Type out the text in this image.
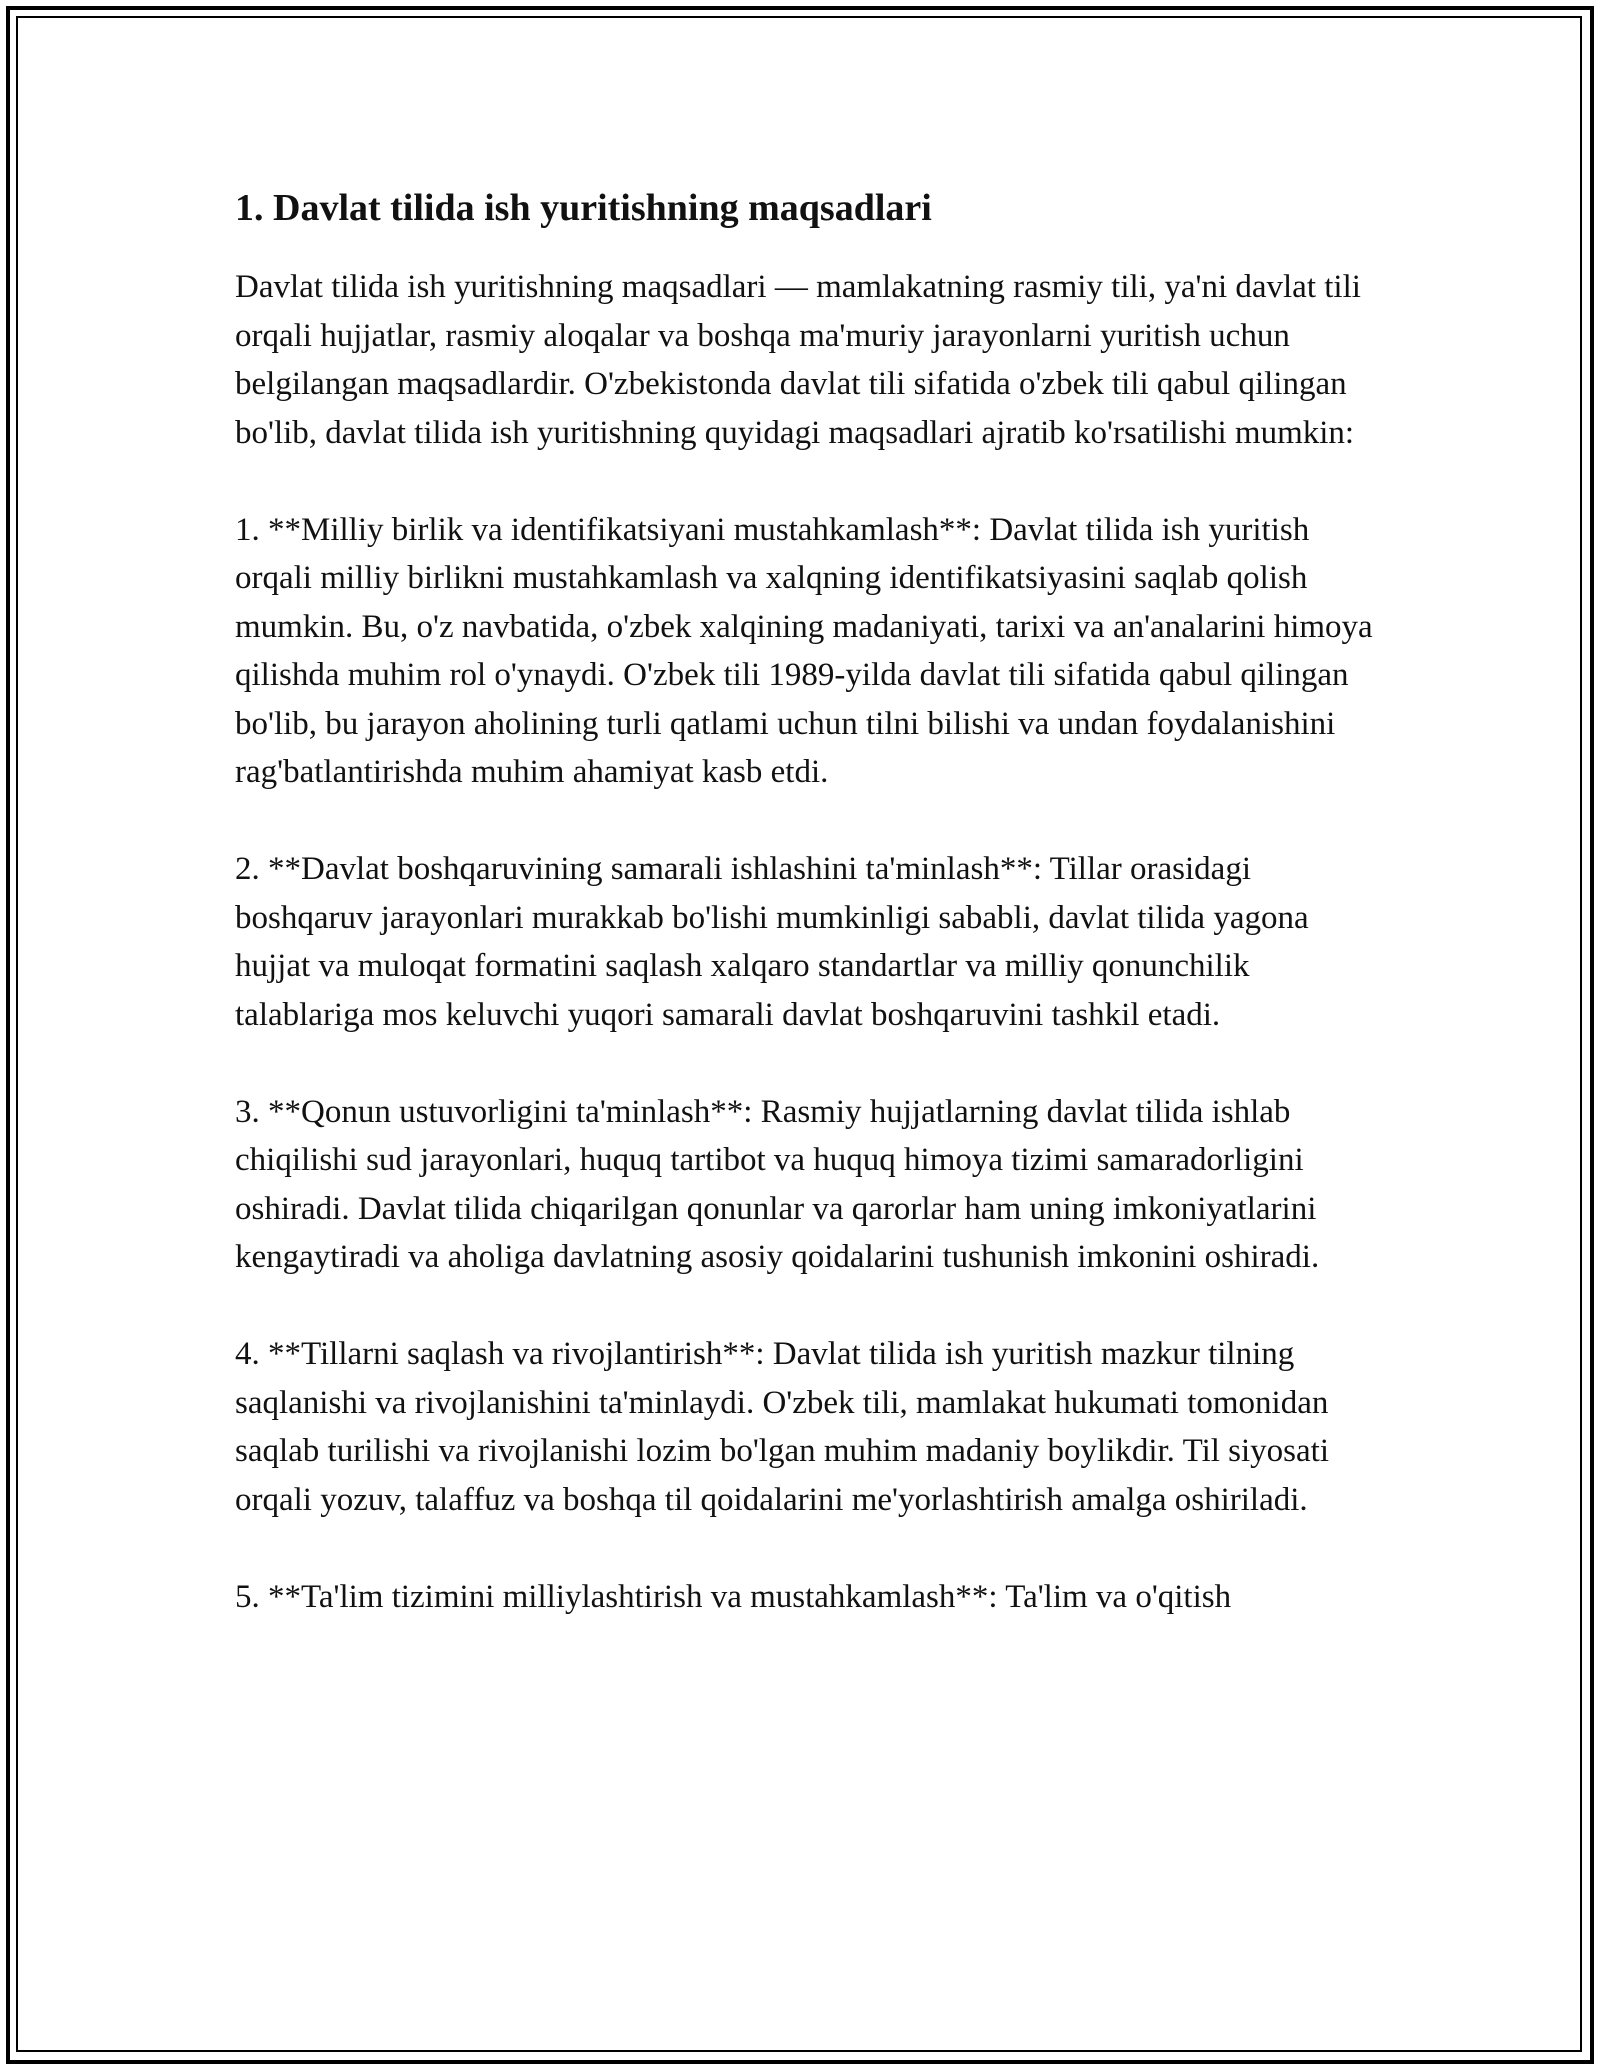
1. Davlat tilida ish yuritishning maqsadlari

Davlat tilida ish yuritishning maqsadlari — mamlakatning rasmiy tili, ya'ni davlat tili orqali hujjatlar, rasmiy aloqalar va boshqa ma'muriy jarayonlarni yuritish uchun belgilangan maqsadlardir. O'zbekistonda davlat tili sifatida o'zbek tili qabul qilingan bo'lib, davlat tilida ish yuritishning quyidagi maqsadlari ajratib ko'rsatilishi mumkin:

1. **Milliy birlik va identifikatsiyani mustahkamlash**: Davlat tilida ish yuritish orqali milliy birlikni mustahkamlash va xalqning identifikatsiyasini saqlab qolish mumkin. Bu, o'z navbatida, o'zbek xalqining madaniyati, tarixi va an'analarini himoya qilishda muhim rol o'ynaydi. O'zbek tili 1989-yilda davlat tili sifatida qabul qilingan bo'lib, bu jarayon aholining turli qatlami uchun tilni bilishi va undan foydalanishini rag'batlantirishda muhim ahamiyat kasb etdi.

2. **Davlat boshqaruvining samarali ishlashini ta'minlash**: Tillar orasidagi boshqaruv jarayonlari murakkab bo'lishi mumkinligi sababli, davlat tilida yagona hujjat va muloqat formatini saqlash xalqaro standartlar va milliy qonunchilik talablariga mos keluvchi yuqori samarali davlat boshqaruvini tashkil etadi.

3. **Qonun ustuvorligini ta'minlash**: Rasmiy hujjatlarning davlat tilida ishlab chiqilishi sud jarayonlari, huquq tartibot va huquq himoya tizimi samaradorligini oshiradi. Davlat tilida chiqarilgan qonunlar va qarorlar ham uning imkoniyatlarini kengaytiradi va aholiga davlatning asosiy qoidalarini tushunish imkonini oshiradi.

4. **Tillarni saqlash va rivojlantirish**: Davlat tilida ish yuritish mazkur tilning saqlanishi va rivojlanishini ta'minlaydi. O'zbek tili, mamlakat hukumati tomonidan saqlab turilishi va rivojlanishi lozim bo'lgan muhim madaniy boylikdir. Til siyosati orqali yozuv, talaffuz va boshqa til qoidalarini me'yorlashtirish amalga oshiriladi.

5. **Ta'lim tizimini milliylashtirish va mustahkamlash**: Ta'lim va o'qitish
